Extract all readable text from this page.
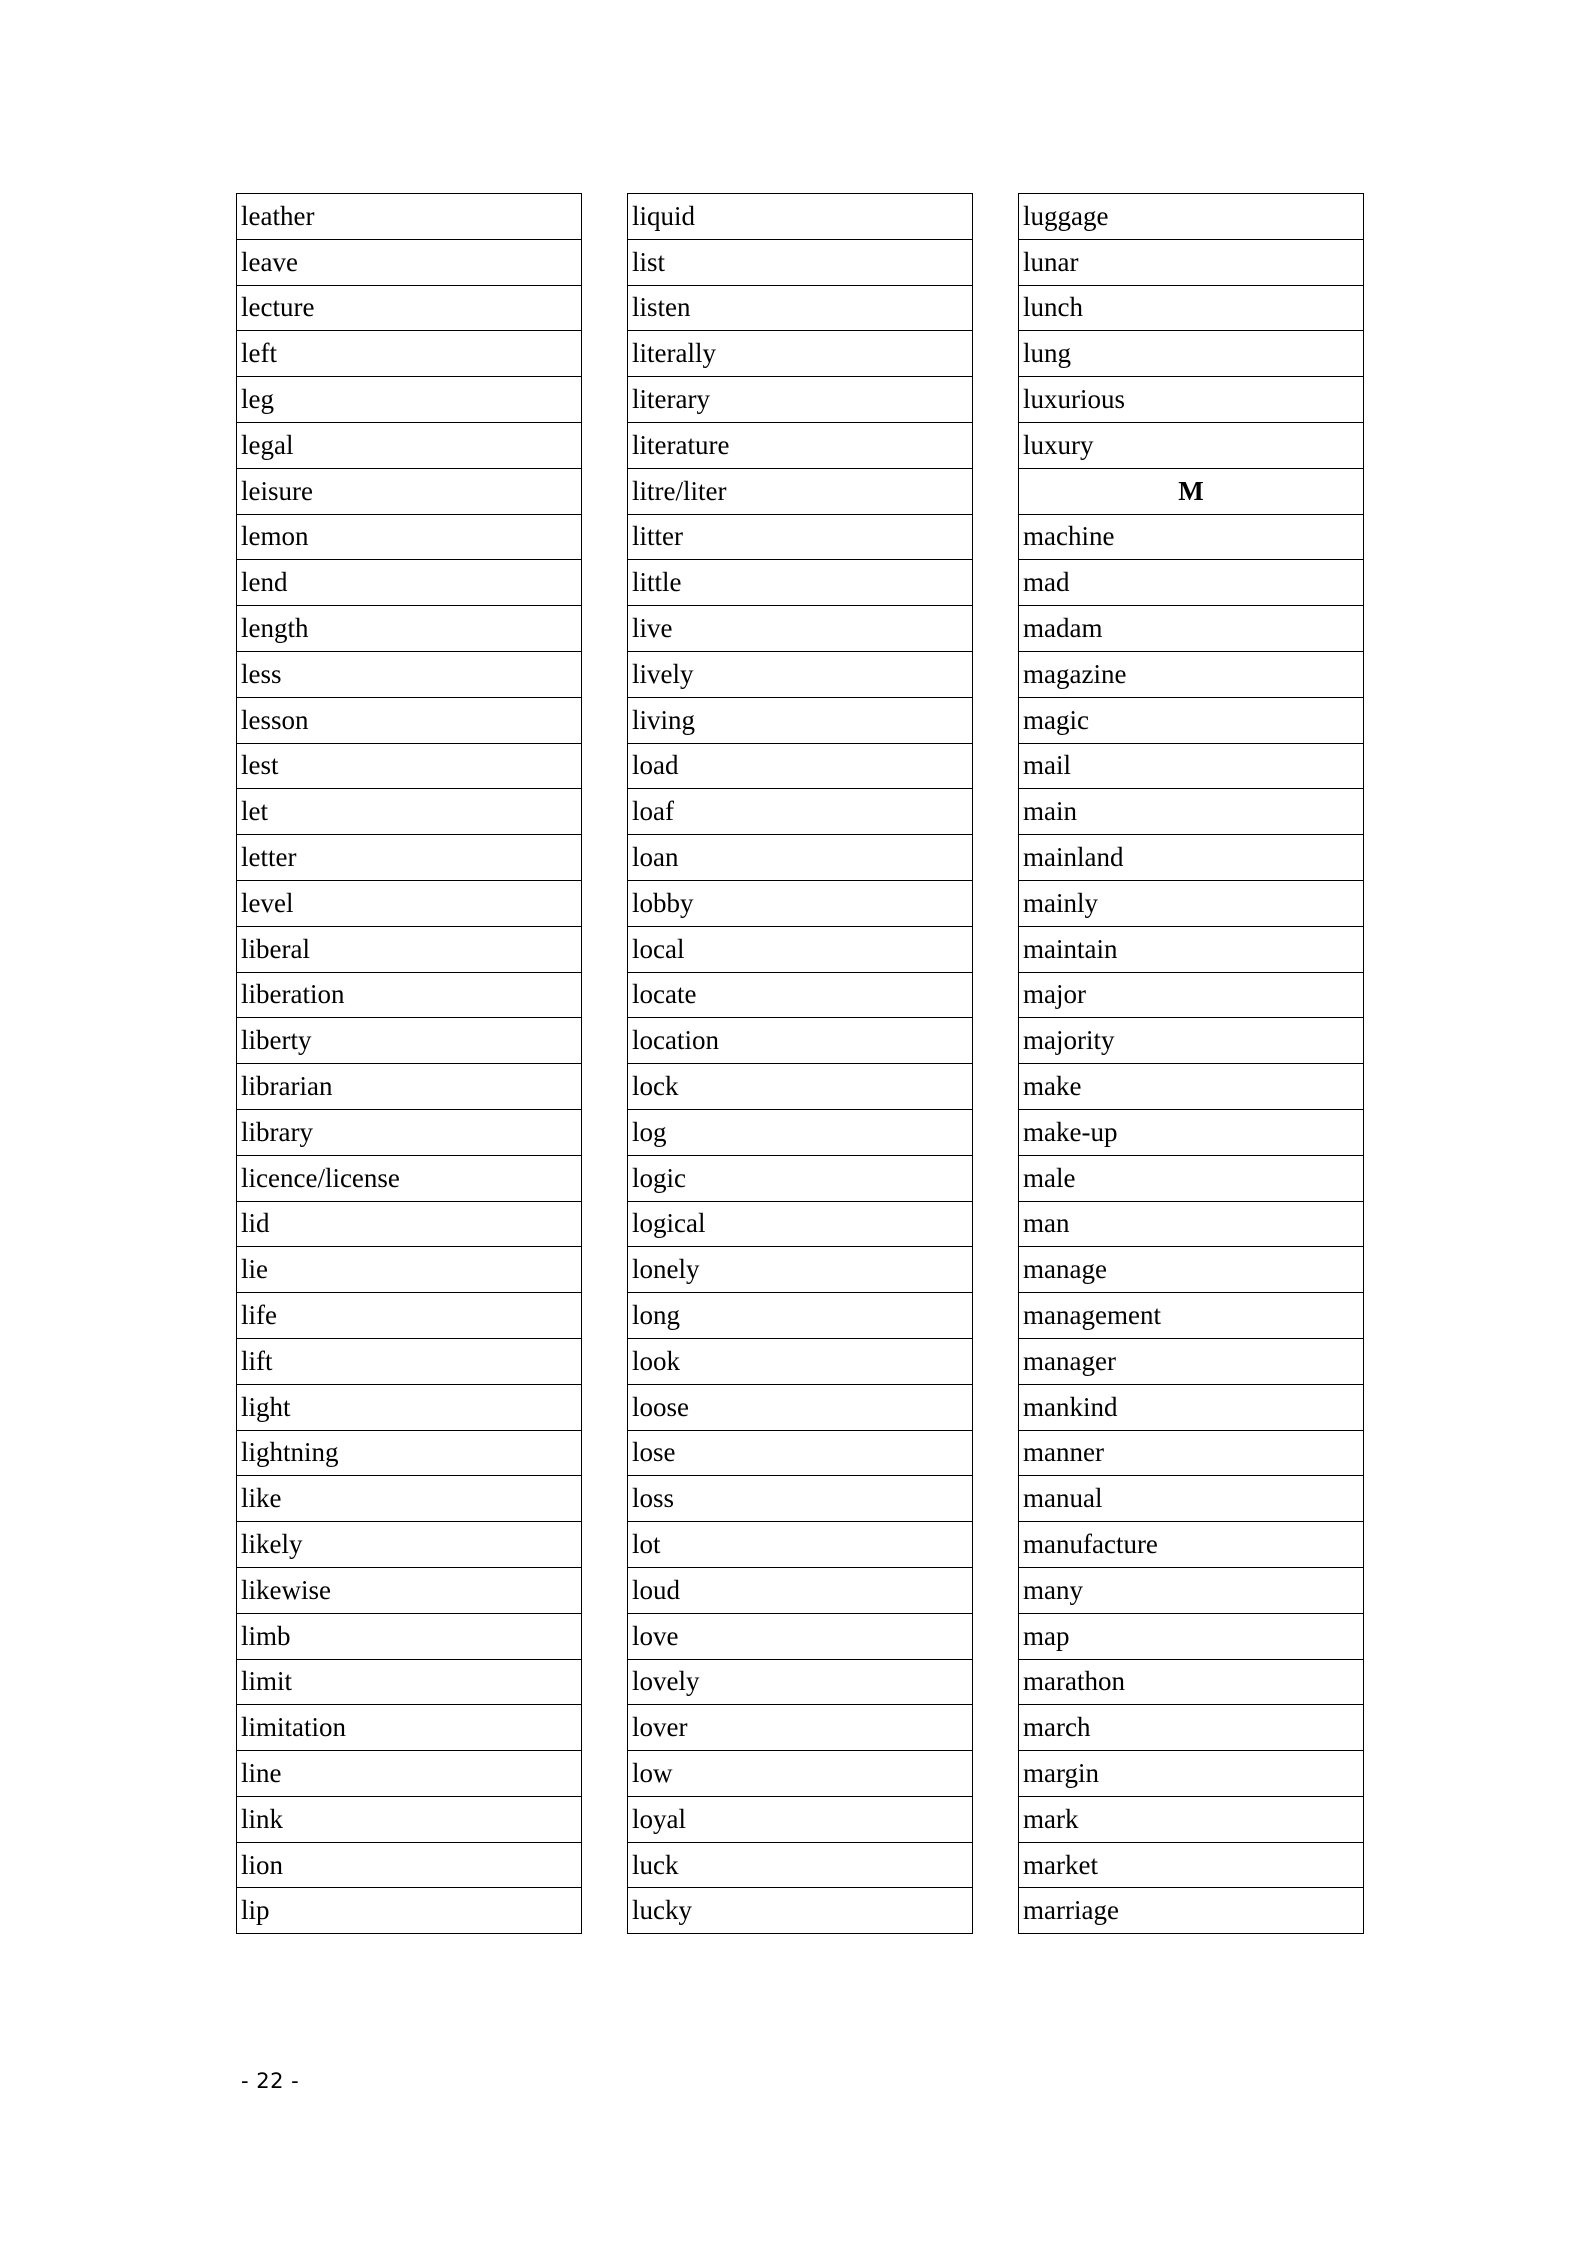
leather
leave
lecture
left
leg
legal
leisure
lemon
lend
length
less
lesson
lest
let
letter
level
liberal
liberation
liberty
librarian
library
licence/license
lid
lie
life
lift
light
lightning
like
likely
likewise
limb
limit
limitation
line
link
lion
lip
liquid
list
listen
literally
literary
literature
litre/liter
litter
little
live
lively
living
load
loaf
loan
lobby
local
locate
location
lock
log
logic
logical
lonely
long
look
loose
lose
loss
lot
loud
love
lovely
lover
low
loyal
luck
lucky
luggage
lunar
lunch
lung
luxurious
luxury
M
machine
mad
madam
magazine
magic
mail
main
mainland
mainly
maintain
major
majority
make
make-up
male
man
manage
management
manager
mankind
manner
manual
manufacture
many
map
marathon
march
margin
mark
market
marriage
- 22 -
